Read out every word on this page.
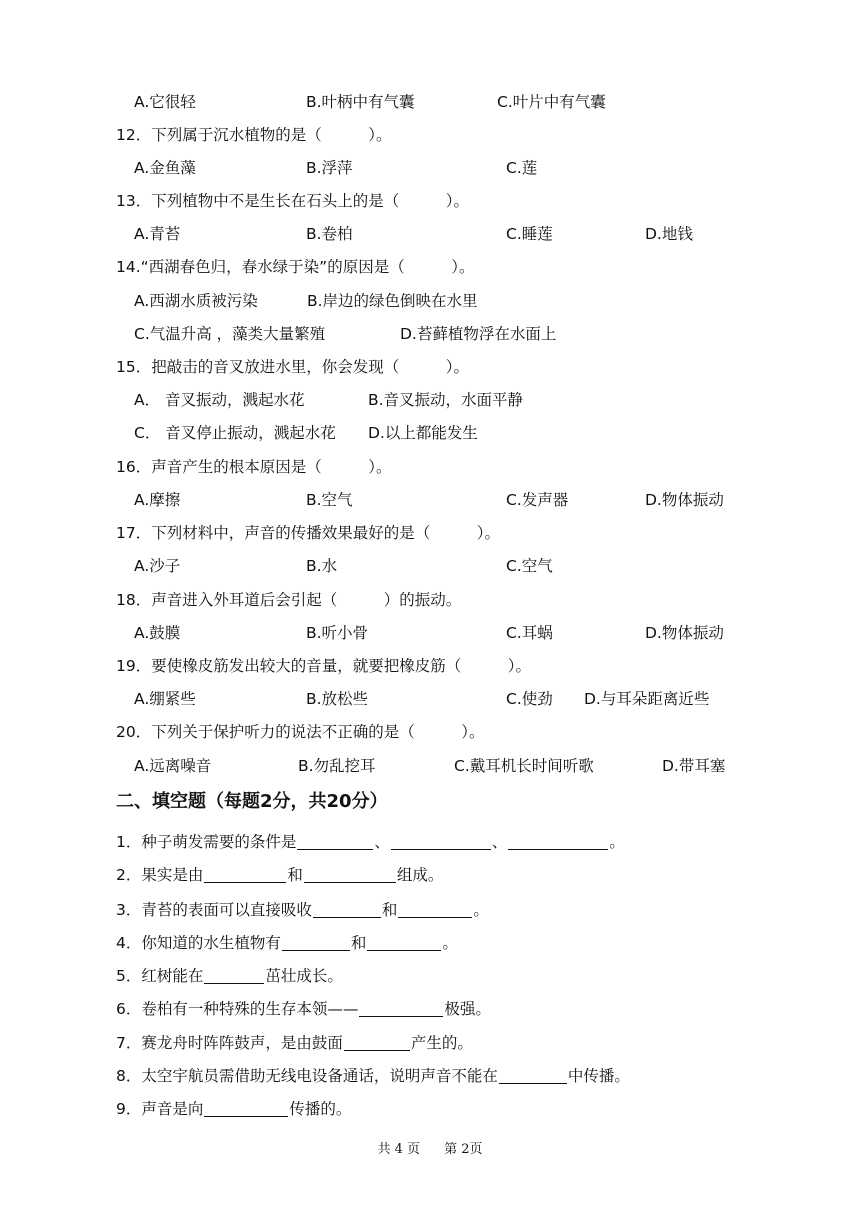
A.它很轻	B.叶柄中有气囊	C.叶片中有气囊
12．下列属于沉水植物的是（　　　）。
A.金鱼藻	B.浮萍	C.莲
13．下列植物中不是生长在石头上的是（　　　）。
A.青苔	B.卷柏	C.睡莲	D.地钱
14.“西湖春色归，春水绿于染”的原因是（　　　）。
A.西湖水质被污染	B.岸边的绿色倒映在水里
C.气温升高 ，藻类大量繁殖	D.苔藓植物浮在水面上
15．把敲击的音叉放进水里，你会发现（　　　）。
A． 音叉振动，溅起水花	B.音叉振动，水面平静
C． 音叉停止振动，溅起水花 D.以上都能发生
16．声音产生的根本原因是（　　　）。
A.摩擦	B.空气	C.发声器	D.物体振动
17．下列材料中，声音的传播效果最好的是（　　　）。
A.沙子	B.水	C.空气
18．声音进入外耳道后会引起（　　　）的振动。
A.鼓膜	B.听小骨	C.耳蜗	D.物体振动
19．要使橡皮筋发出较大的音量，就要把橡皮筋（　　　）。
A.绷紧些	B.放松些	C.使劲 D.与耳朵距离近些
20．下列关于保护听力的说法不正确的是（　　　）。
A.远离噪音	B.勿乱挖耳	C.戴耳机长时间听歌	D.带耳塞
二、填空题（每题2分，共20分）
1．种子萌发需要的条件是	、	、	。
2．果实是由	和	组成。
3．青苔的表面可以直接吸收	和	。
4．你知道的水生植物有	和	。
5．红树能在	茁壮成长。
6．卷柏有一种特殊的生存本领——	极强。
7．赛龙舟时阵阵鼓声，是由鼓面	产生的。
8．太空宇航员需借助无线电设备通话，说明声音不能在	中传播。
9．声音是向	传播的。
共 4 页 第 2页
